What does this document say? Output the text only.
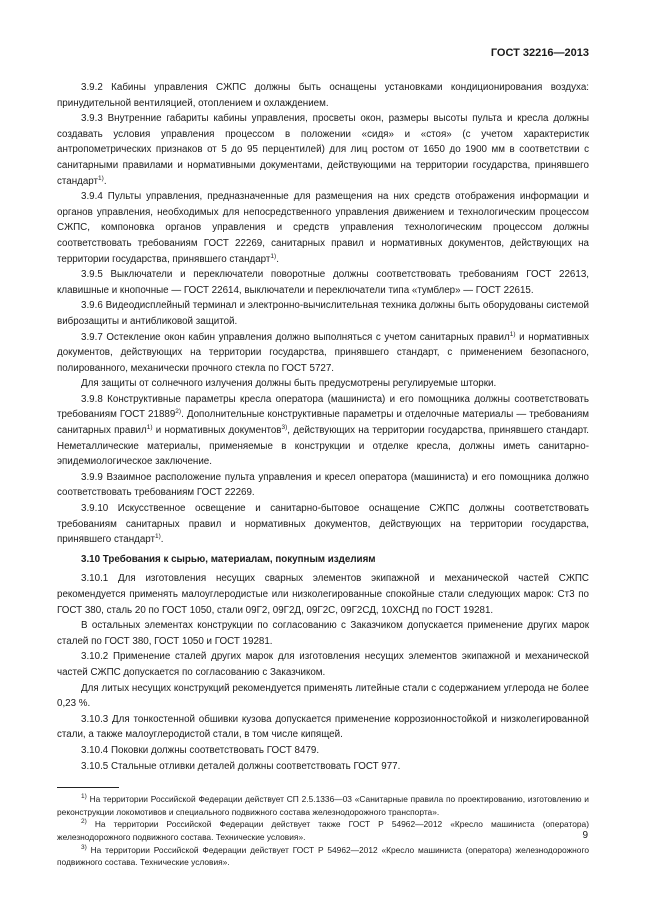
ГОСТ 32216—2013

3.9.2 Кабины управления СЖПС должны быть оснащены установками кондиционирования воздуха: принудительной вентиляцией, отоплением и охлаждением.

3.9.3 Внутренние габариты кабины управления, просветы окон, размеры высоты пульта и кресла должны создавать условия управления процессом в положении «сидя» и «стоя» (с учетом характеристик антропометрических признаков от 5 до 95 перцентилей) для лиц ростом от 1650 до 1900 мм в соответствии с санитарными правилами и нормативными документами, действующими на территории государства, принявшего стандарт$^{1)}$.

3.9.4 Пульты управления, предназначенные для размещения на них средств отображения информации и органов управления, необходимых для непосредственного управления движением и технологическим процессом СЖПС, компоновка органов управления и средств управления технологическим процессом должны соответствовать требованиям ГОСТ 22269, санитарных правил и нормативных документов, действующих на территории государства, принявшего стандарт$^{1)}$.

3.9.5 Выключатели и переключатели поворотные должны соответствовать требованиям ГОСТ 22613, клавишные и кнопочные — ГОСТ 22614, выключатели и переключатели типа «тумблер» — ГОСТ 22615.

3.9.6 Видеодисплейный терминал и электронно-вычислительная техника должны быть оборудованы системой виброзащиты и антибликовой защитой.

3.9.7 Остекление окон кабин управления должно выполняться с учетом санитарных правил$^{1)}$ и нормативных документов, действующих на территории государства, принявшего стандарт, с применением безопасного, полированного, механически прочного стекла по ГОСТ 5727.

Для защиты от солнечного излучения должны быть предусмотрены регулируемые шторки.

3.9.8 Конструктивные параметры кресла оператора (машиниста) и его помощника должны соответствовать требованиям ГОСТ 21889$^{2)}$. Дополнительные конструктивные параметры и отделочные материалы — требованиям санитарных правил$^{1)}$ и нормативных документов$^{3)}$, действующих на территории государства, принявшего стандарт. Неметаллические материалы, применяемые в конструкции и отделке кресла, должны иметь санитарно-эпидемиологическое заключение.

3.9.9 Взаимное расположение пульта управления и кресел оператора (машиниста) и его помощника должно соответствовать требованиям ГОСТ 22269.

3.9.10 Искусственное освещение и санитарно-бытовое оснащение СЖПС должны соответствовать требованиям санитарных правил и нормативных документов, действующих на территории государства, принявшего стандарт$^{1)}$.

3.10 Требования к сырью, материалам, покупным изделиям

3.10.1 Для изготовления несущих сварных элементов экипажной и механической частей СЖПС рекомендуется применять малоуглеродистые или низколегированные спокойные стали следующих марок: Ст3 по ГОСТ 380, сталь 20 по ГОСТ 1050, стали 09Г2, 09Г2Д, 09Г2С, 09Г2СД, 10ХСНД по ГОСТ 19281.

В остальных элементах конструкции по согласованию с Заказчиком допускается применение других марок сталей по ГОСТ 380, ГОСТ 1050 и ГОСТ 19281.

3.10.2 Применение сталей других марок для изготовления несущих элементов экипажной и механической частей СЖПС допускается по согласованию с Заказчиком.

Для литых несущих конструкций рекомендуется применять литейные стали с содержанием углерода не более 0,23 %.

3.10.3 Для тонкостенной обшивки кузова допускается применение коррозионностойкой и низколегированной стали, а также малоуглеродистой стали, в том числе кипящей.

3.10.4 Поковки должны соответствовать ГОСТ 8479.

3.10.5 Стальные отливки деталей должны соответствовать ГОСТ 977.

$^{1)}$ На территории Российской Федерации действует СП 2.5.1336—03 «Санитарные правила по проектированию, изготовлению и реконструкции локомотивов и специального подвижного состава железнодорожного транспорта».

$^{2)}$ На территории Российской Федерации действует также ГОСТ Р 54962—2012 «Кресло машиниста (оператора) железнодорожного подвижного состава. Технические условия».

$^{3)}$ На территории Российской Федерации действует ГОСТ Р 54962—2012 «Кресло машиниста (оператора) железнодорожного подвижного состава. Технические условия».

9
